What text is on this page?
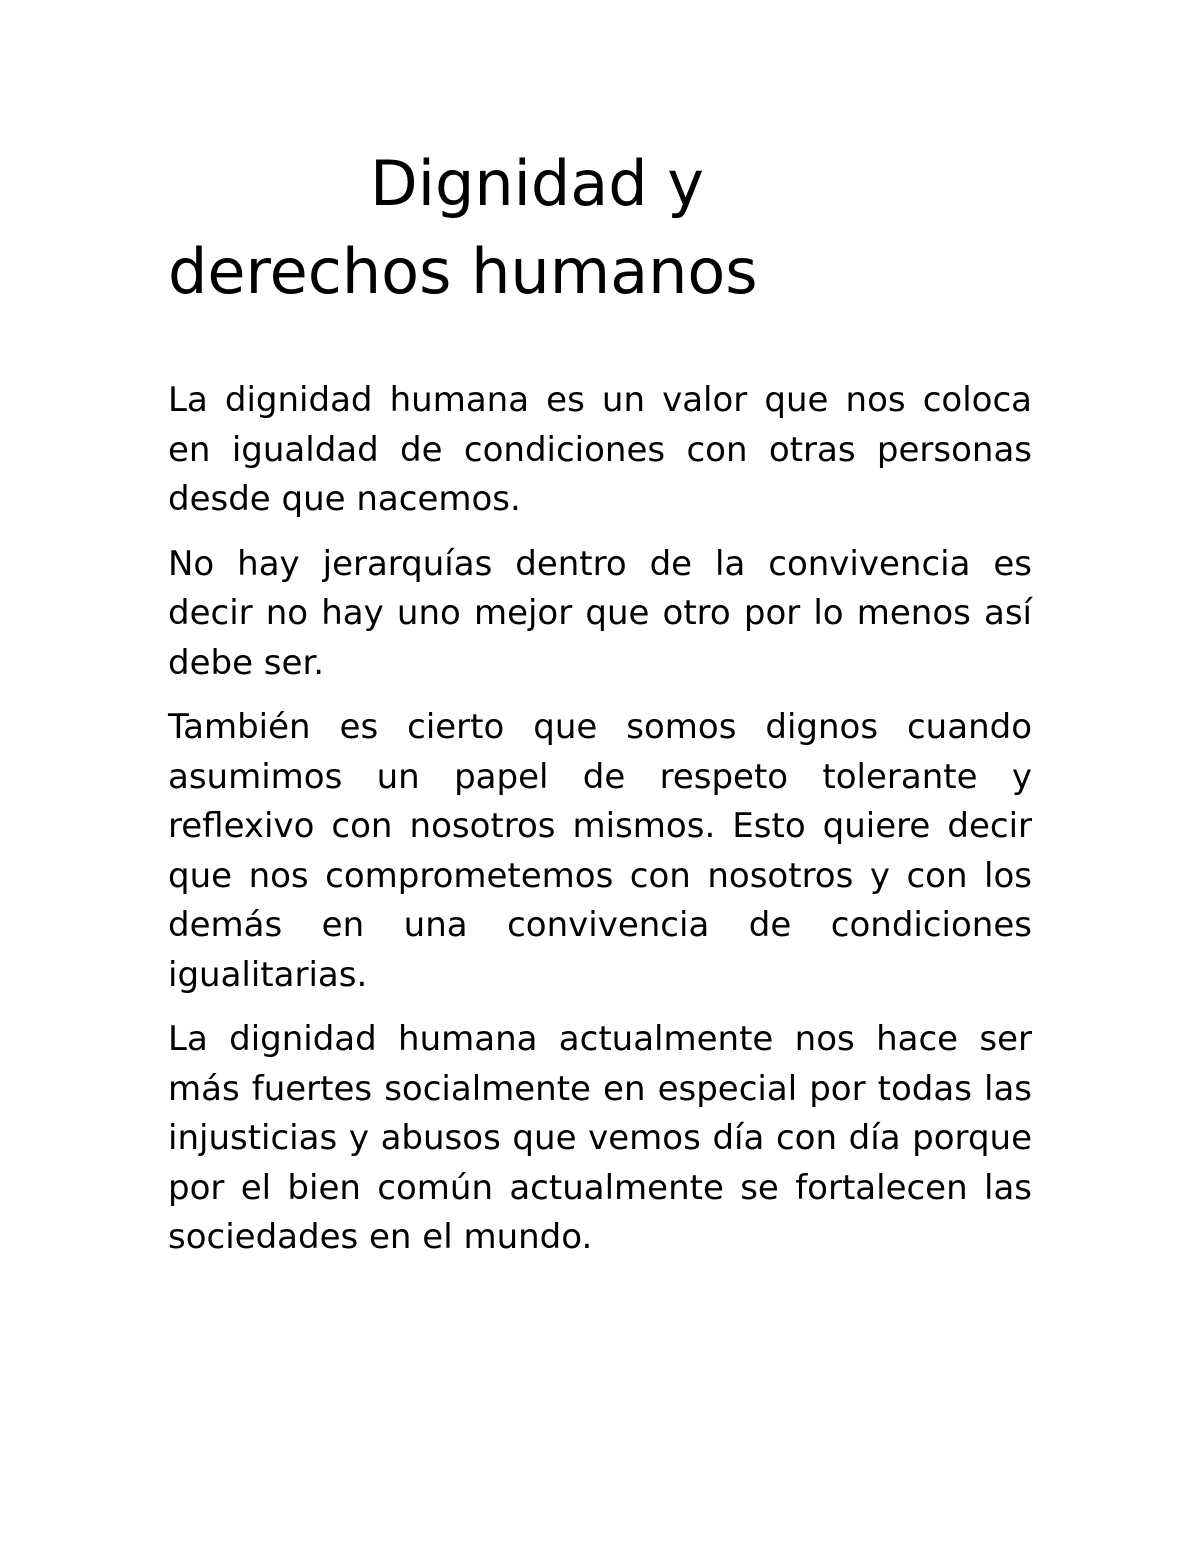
Dignidad y
derechos humanos

La dignidad humana es un valor que nos coloca en igualdad de condiciones con otras personas desde que nacemos.

No hay jerarquías dentro de la convivencia es decir no hay uno mejor que otro por lo menos así debe ser.

También es cierto que somos dignos cuando asumimos un papel de respeto tolerante y reflexivo con nosotros mismos. Esto quiere decir que nos comprometemos con nosotros y con los demás en una convivencia de condiciones igualitarias.

La dignidad humana actualmente nos hace ser más fuertes socialmente en especial por todas las injusticias y abusos que vemos día con día porque por el bien común actualmente se fortalecen las sociedades en el mundo.
